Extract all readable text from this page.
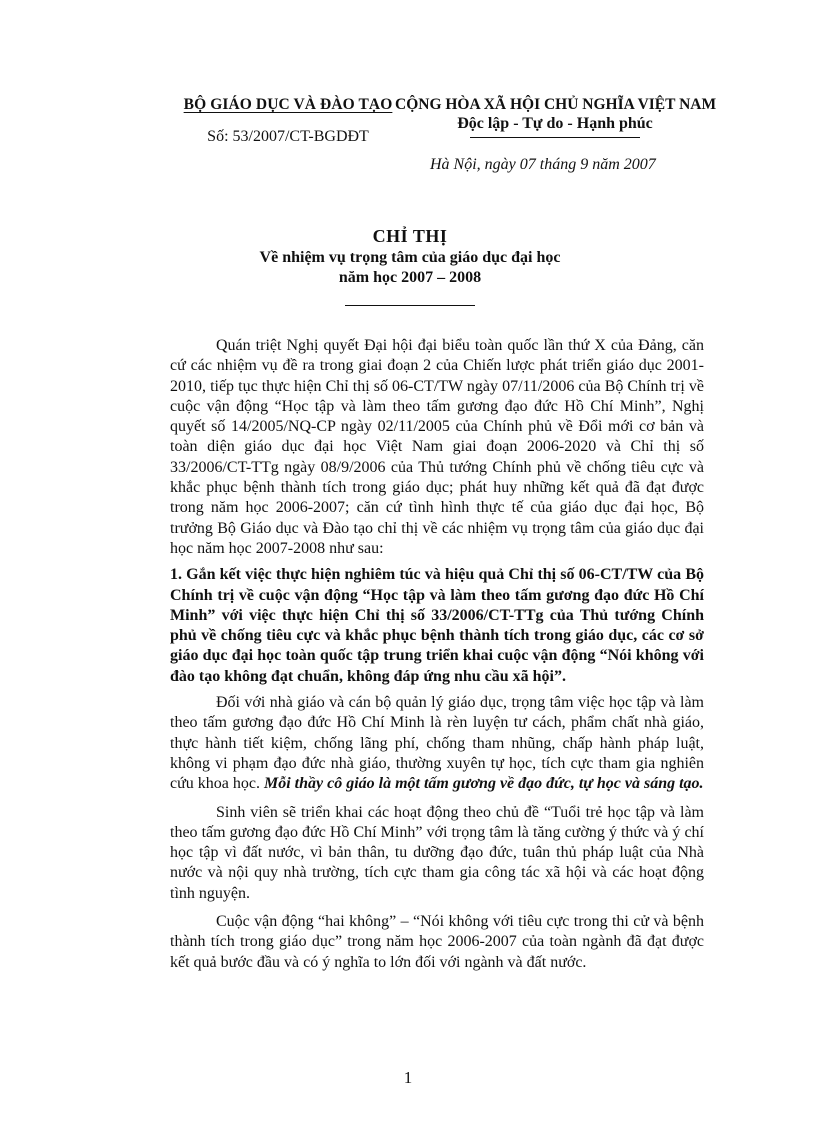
BỘ GIÁO DỤC VÀ ĐÀO TẠO
Số: 53/2007/CT-BGDĐT
CỘNG HÒA XÃ HỘI CHỦ NGHĨA VIỆT NAM
Độc lập - Tự do - Hạnh phúc
Hà Nội, ngày 07 tháng 9 năm 2007
CHỈ THỊ
Về nhiệm vụ trọng tâm của giáo dục đại học
năm học 2007 – 2008

Quán triệt Nghị quyết Đại hội đại biểu toàn quốc lần thứ X của Đảng, căn cứ các nhiệm vụ đề ra trong giai đoạn 2 của Chiến lược phát triển giáo dục 2001-2010, tiếp tục thực hiện Chỉ thị số 06-CT/TW ngày 07/11/2006 của Bộ Chính trị về cuộc vận động “Học tập và làm theo tấm gương đạo đức Hồ Chí Minh”, Nghị quyết số 14/2005/NQ-CP ngày 02/11/2005 của Chính phủ về Đổi mới cơ bản và toàn diện giáo dục đại học Việt Nam giai đoạn 2006-2020 và Chỉ thị số 33/2006/CT-TTg ngày 08/9/2006 của Thủ tướng Chính phủ về chống tiêu cực và khắc phục bệnh thành tích trong giáo dục; phát huy những kết quả đã đạt được trong năm học 2006-2007; căn cứ tình hình thực tế của giáo dục đại học, Bộ trưởng Bộ Giáo dục và Đào tạo chỉ thị về các nhiệm vụ trọng tâm của giáo dục đại học năm học 2007-2008 như sau:

1. Gắn kết việc thực hiện nghiêm túc và hiệu quả Chỉ thị số 06-CT/TW của Bộ Chính trị về cuộc vận động “Học tập và làm theo tấm gương đạo đức Hồ Chí Minh” với việc thực hiện Chỉ thị số 33/2006/CT-TTg của Thủ tướng Chính phủ về chống tiêu cực và khắc phục bệnh thành tích trong giáo dục, các cơ sở giáo dục đại học toàn quốc tập trung triển khai cuộc vận động “Nói không với đào tạo không đạt chuẩn, không đáp ứng nhu cầu xã hội”.

Đối với nhà giáo và cán bộ quản lý giáo dục, trọng tâm việc học tập và làm theo tấm gương đạo đức Hồ Chí Minh là rèn luyện tư cách, phẩm chất nhà giáo, thực hành tiết kiệm, chống lãng phí, chống tham nhũng, chấp hành pháp luật, không vi phạm đạo đức nhà giáo, thường xuyên tự học, tích cực tham gia nghiên cứu khoa học. Mỗi thầy cô giáo là một tấm gương về đạo đức, tự học và sáng tạo.

Sinh viên sẽ triển khai các hoạt động theo chủ đề “Tuổi trẻ học tập và làm theo tấm gương đạo đức Hồ Chí Minh” với trọng tâm là tăng cường ý thức và ý chí học tập vì đất nước, vì bản thân, tu dưỡng đạo đức, tuân thủ pháp luật của Nhà nước và nội quy nhà trường, tích cực tham gia công tác xã hội và các hoạt động tình nguyện.

Cuộc vận động “hai không” – “Nói không với tiêu cực trong thi cử và bệnh thành tích trong giáo dục” trong năm học 2006-2007 của toàn ngành đã đạt được kết quả bước đầu và có ý nghĩa to lớn đối với ngành và đất nước.

1
